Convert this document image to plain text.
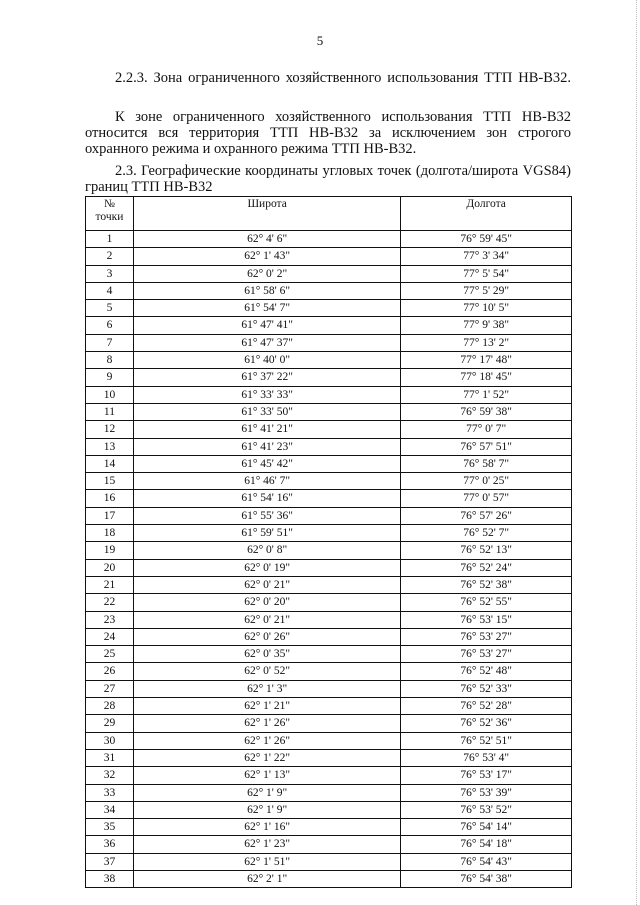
5
2.2.3. Зона ограниченного хозяйственного использования ТТП НВ-В32.
К зоне ограниченного хозяйственного использования ТТП НВ-В32 относится вся территория ТТП НВ-В32 за исключением зон строгого охранного режима и охранного режима ТТП НВ-В32.
2.3. Географические координаты угловых точек (долгота/широта VGS84) границ ТТП НВ-В32
№
точки	Широта	Долгота
1	62° 4' 6"	76° 59' 45"
2	62° 1' 43"	77° 3' 34"
3	62° 0' 2"	77° 5' 54"
4	61° 58' 6"	77° 5' 29"
5	61° 54' 7"	77° 10' 5"
6	61° 47' 41"	77° 9' 38"
7	61° 47' 37"	77° 13' 2"
8	61° 40' 0"	77° 17' 48"
9	61° 37' 22"	77° 18' 45"
10	61° 33' 33"	77° 1' 52"
11	61° 33' 50"	76° 59' 38"
12	61° 41' 21"	77° 0' 7"
13	61° 41' 23"	76° 57' 51"
14	61° 45' 42"	76° 58' 7"
15	61° 46' 7"	77° 0' 25"
16	61° 54' 16"	77° 0' 57"
17	61° 55' 36"	76° 57' 26"
18	61° 59' 51"	76° 52' 7"
19	62° 0' 8"	76° 52' 13"
20	62° 0' 19"	76° 52' 24"
21	62° 0' 21"	76° 52' 38"
22	62° 0' 20"	76° 52' 55"
23	62° 0' 21"	76° 53' 15"
24	62° 0' 26"	76° 53' 27"
25	62° 0' 35"	76° 53' 27"
26	62° 0' 52"	76° 52' 48"
27	62° 1' 3"	76° 52' 33"
28	62° 1' 21"	76° 52' 28"
29	62° 1' 26"	76° 52' 36"
30	62° 1' 26"	76° 52' 51"
31	62° 1' 22"	76° 53' 4"
32	62° 1' 13"	76° 53' 17"
33	62° 1' 9"	76° 53' 39"
34	62° 1' 9"	76° 53' 52"
35	62° 1' 16"	76° 54' 14"
36	62° 1' 23"	76° 54' 18"
37	62° 1' 51"	76° 54' 43"
38	62° 2' 1"	76° 54' 38"
